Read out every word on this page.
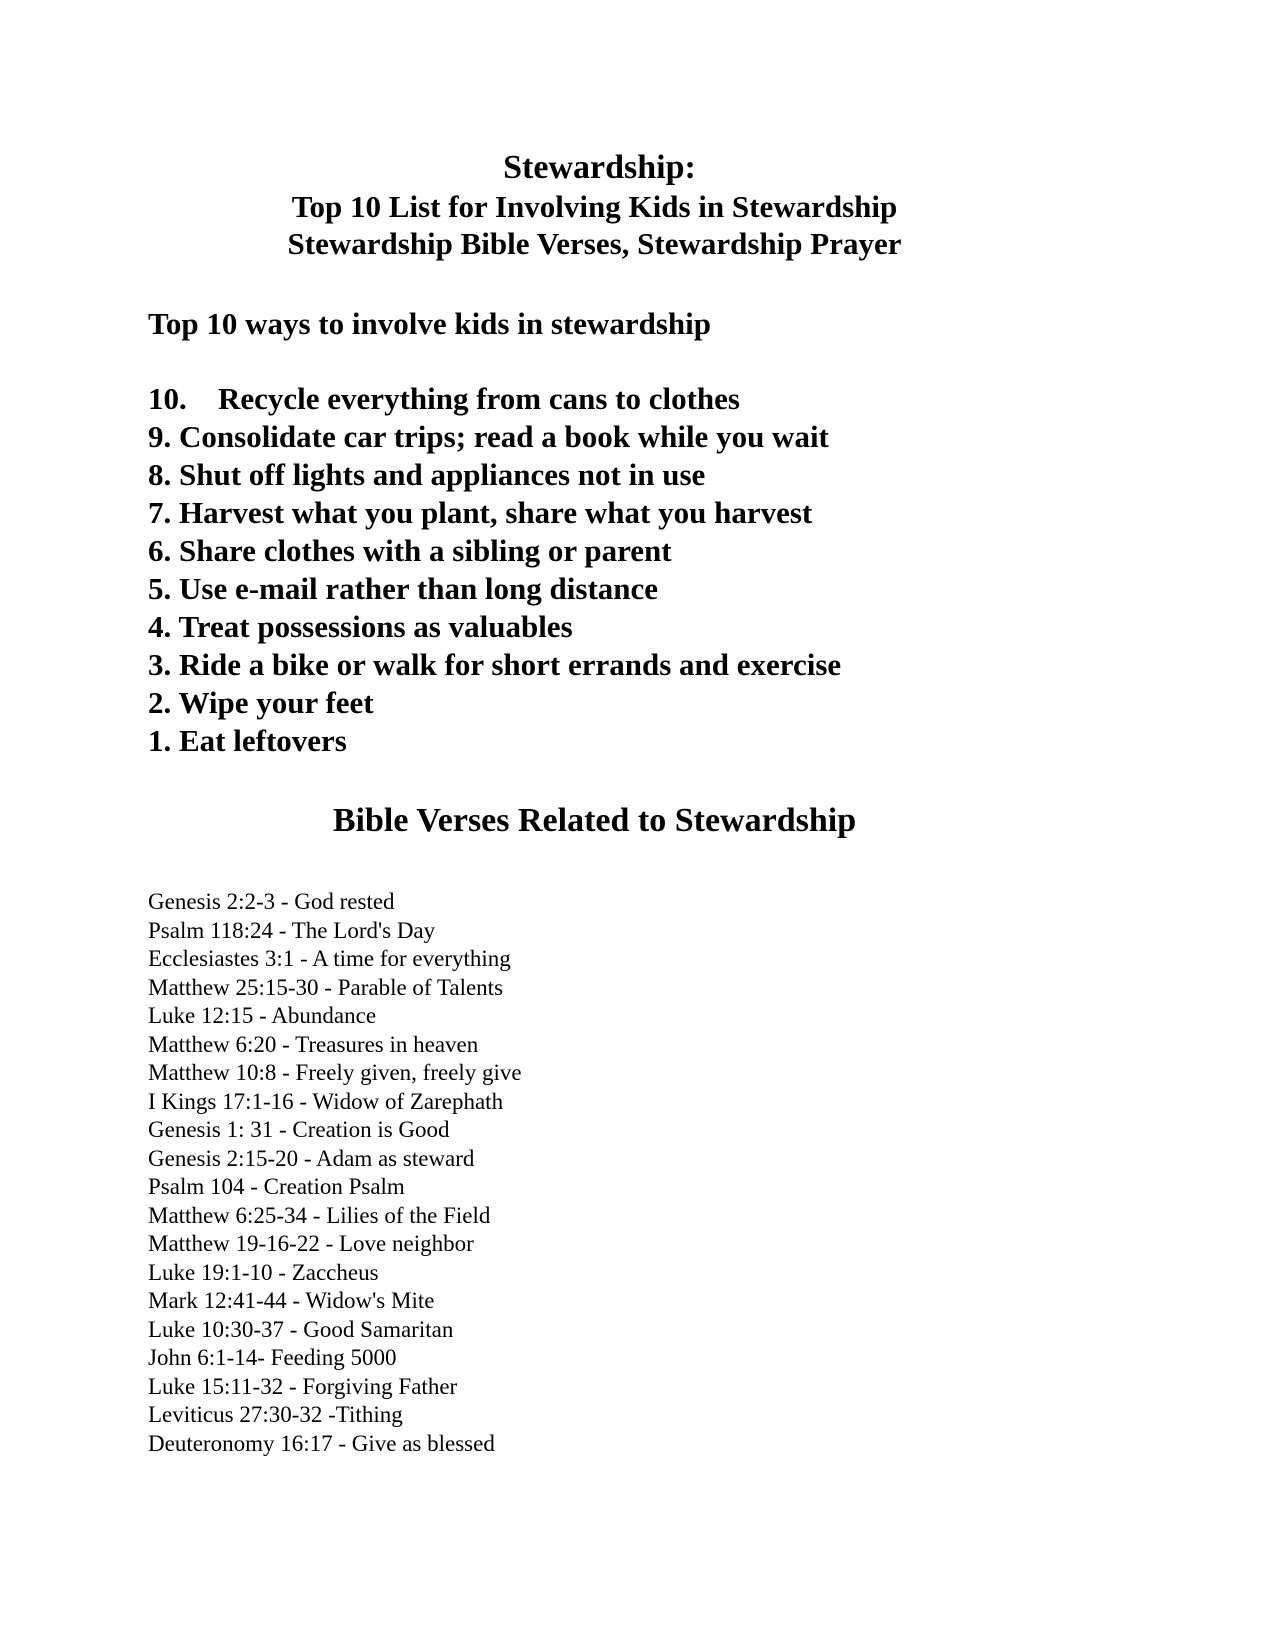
Stewardship:
Top 10 List for Involving Kids in Stewardship
Stewardship Bible Verses, Stewardship Prayer
Top 10 ways to involve kids in stewardship
10. Recycle everything from cans to clothes
9. Consolidate car trips; read a book while you wait
8. Shut off lights and appliances not in use
7. Harvest what you plant, share what you harvest
6. Share clothes with a sibling or parent
5. Use e-mail rather than long distance
4. Treat possessions as valuables
3. Ride a bike or walk for short errands and exercise
2. Wipe your feet
1. Eat leftovers
Bible Verses Related to Stewardship
Genesis 2:2-3 - God rested
Psalm 118:24 - The Lord's Day
Ecclesiastes 3:1 - A time for everything
Matthew 25:15-30 - Parable of Talents
Luke 12:15 - Abundance
Matthew 6:20 - Treasures in heaven
Matthew 10:8 - Freely given, freely give
I Kings 17:1-16 - Widow of Zarephath
Genesis 1: 31 - Creation is Good
Genesis 2:15-20 - Adam as steward
Psalm 104 - Creation Psalm
Matthew 6:25-34 - Lilies of the Field
Matthew 19-16-22 - Love neighbor
Luke 19:1-10 - Zaccheus
Mark 12:41-44 - Widow's Mite
Luke 10:30-37 - Good Samaritan
John 6:1-14- Feeding 5000
Luke 15:11-32 - Forgiving Father
Leviticus 27:30-32 -Tithing
Deuteronomy 16:17 - Give as blessed
